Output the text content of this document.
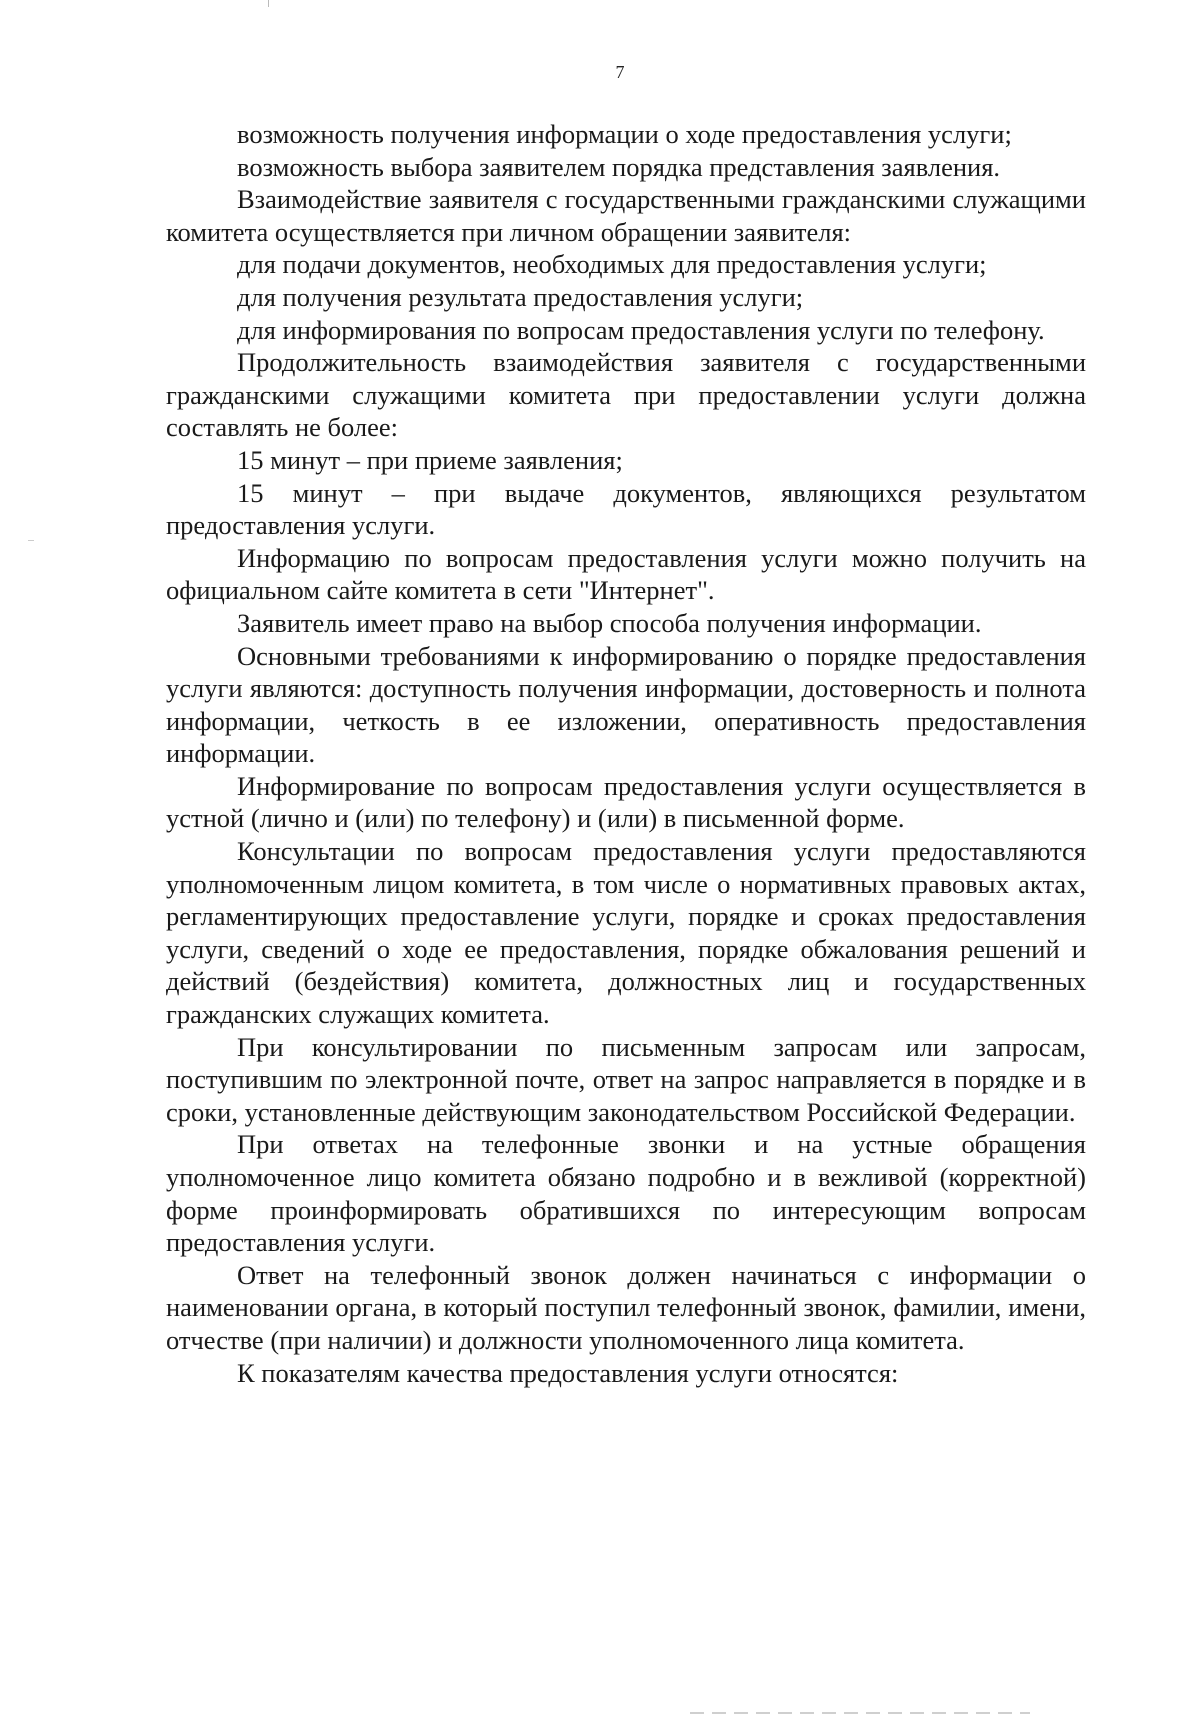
7

возможность получения информации о ходе предоставления услуги;

возможность выбора заявителем порядка представления заявления.

Взаимодействие заявителя с государственными гражданскими служащими комитета осуществляется при личном обращении заявителя:

для подачи документов, необходимых для предоставления услуги;

для получения результата предоставления услуги;

для информирования по вопросам предоставления услуги по телефону.

Продолжительность взаимодействия заявителя с государственными гражданскими служащими комитета при предоставлении услуги должна составлять не более:

15 минут – при приеме заявления;

15 минут – при выдаче документов, являющихся результатом предоставления услуги.

Информацию по вопросам предоставления услуги можно получить на официальном сайте комитета в сети "Интернет".

Заявитель имеет право на выбор способа получения информации.

Основными требованиями к информированию о порядке предоставления услуги являются: доступность получения информации, достоверность и полнота информации, четкость в ее изложении, оперативность предоставления информации.

Информирование по вопросам предоставления услуги осуществляется в устной (лично и (или) по телефону) и (или) в письменной форме.

Консультации по вопросам предоставления услуги предоставляются уполномоченным лицом комитета, в том числе о нормативных правовых актах, регламентирующих предоставление услуги, порядке и сроках предоставления услуги, сведений о ходе ее предоставления, порядке обжалования решений и действий (бездействия) комитета, должностных лиц и государственных гражданских служащих комитета.

При консультировании по письменным запросам или запросам, поступившим по электронной почте, ответ на запрос направляется в порядке и в сроки, установленные действующим законодательством Российской Федерации.

При ответах на телефонные звонки и на устные обращения уполномоченное лицо комитета обязано подробно и в вежливой (корректной) форме проинформировать обратившихся по интересующим вопросам предоставления услуги.

Ответ на телефонный звонок должен начинаться с информации о наименовании органа, в который поступил телефонный звонок, фамилии, имени, отчестве (при наличии) и должности уполномоченного лица комитета.

К показателям качества предоставления услуги относятся:
